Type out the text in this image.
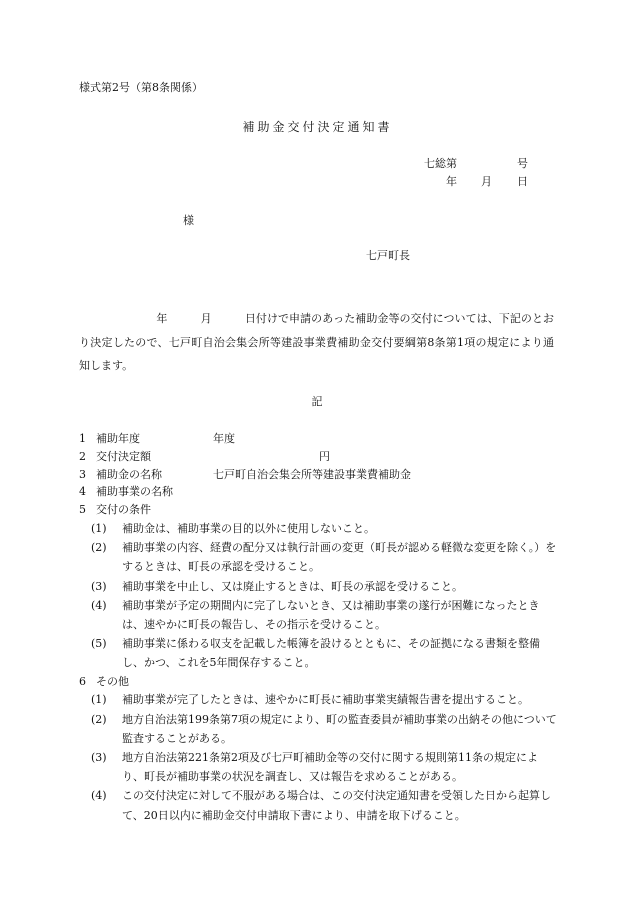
様式第2号（第8条関係）
補助金交付決定通知書
七総第	号
年	月	日
様
七戸町長
　　　　　　　年　　　月　　　日付けで申請のあった補助金等の交付については、下記のとおり決定したので、七戸町自治会集会所等建設事業費補助金交付要綱第8条第1項の規定により通知します。
記
1 補助年度	年度
2 交付決定額	円
3 補助金の名称	七戸町自治会集会所等建設事業費補助金
4 補助事業の名称
5 交付の条件
(1) 補助金は、補助事業の目的以外に使用しないこと。
(2) 補助事業の内容、経費の配分又は執行計画の変更（町長が認める軽微な変更を除く。）をするときは、町長の承認を受けること。
(3) 補助事業を中止し、又は廃止するときは、町長の承認を受けること。
(4) 補助事業が予定の期間内に完了しないとき、又は補助事業の遂行が困難になったときは、速やかに町長の報告し、その指示を受けること。
(5) 補助事業に係わる収支を記載した帳簿を設けるとともに、その証拠になる書類を整備し、かつ、これを5年間保存すること。
6 その他
(1) 補助事業が完了したときは、速やかに町長に補助事業実績報告書を提出すること。
(2) 地方自治法第199条第7項の規定により、町の監査委員が補助事業の出納その他について監査することがある。
(3) 地方自治法第221条第2項及び七戸町補助金等の交付に関する規則第11条の規定により、町長が補助事業の状況を調査し、又は報告を求めることがある。
(4) この交付決定に対して不服がある場合は、この交付決定通知書を受領した日から起算して、20日以内に補助金交付申請取下書により、申請を取下げること。
